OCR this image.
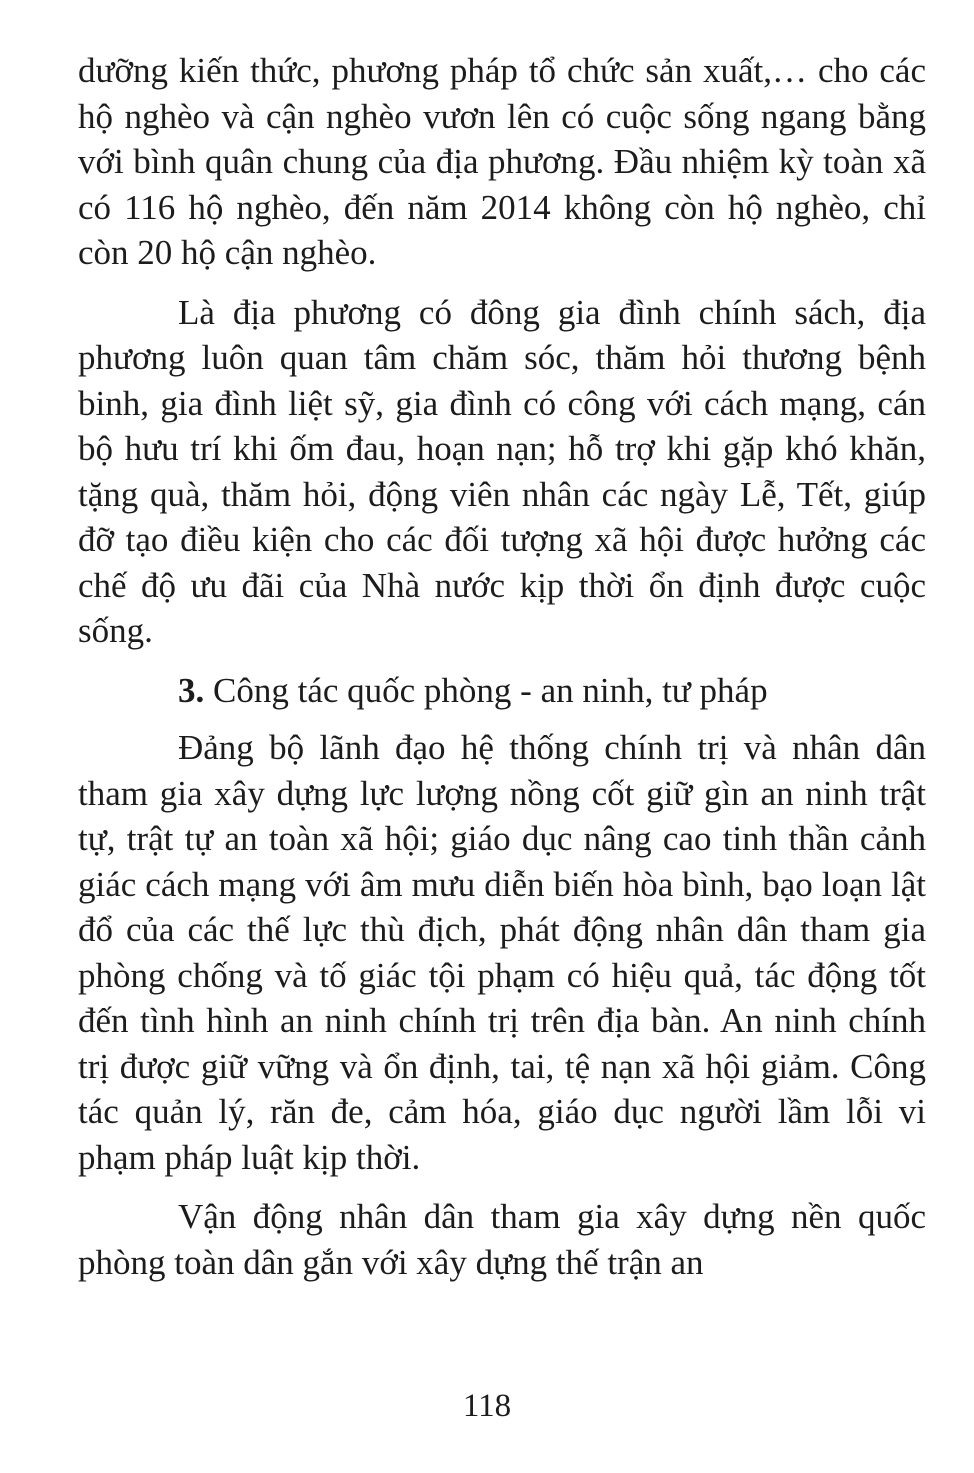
dưỡng kiến thức, phương pháp tổ chức sản xuất,… cho các hộ nghèo và cận nghèo vươn lên có cuộc sống ngang bằng với bình quân chung của địa phương. Đầu nhiệm kỳ toàn xã có 116 hộ nghèo, đến năm 2014 không còn hộ nghèo, chỉ còn 20 hộ cận nghèo.

Là địa phương có đông gia đình chính sách, địa phương luôn quan tâm chăm sóc, thăm hỏi thương bệnh binh, gia đình liệt sỹ, gia đình có công với cách mạng, cán bộ hưu trí khi ốm đau, hoạn nạn; hỗ trợ khi gặp khó khăn, tặng quà, thăm hỏi, động viên nhân các ngày Lễ, Tết, giúp đỡ tạo điều kiện cho các đối tượng xã hội được hưởng các chế độ ưu đãi của Nhà nước kịp thời ổn định được cuộc sống.

3. Công tác quốc phòng - an ninh, tư pháp

Đảng bộ lãnh đạo hệ thống chính trị và nhân dân tham gia xây dựng lực lượng nồng cốt giữ gìn an ninh trật tự, trật tự an toàn xã hội; giáo dục nâng cao tinh thần cảnh giác cách mạng với âm mưu diễn biến hòa bình, bạo loạn lật đổ của các thế lực thù địch, phát động nhân dân tham gia phòng chống và tố giác tội phạm có hiệu quả, tác động tốt đến tình hình an ninh chính trị trên địa bàn. An ninh chính trị được giữ vững và ổn định, tai, tệ nạn xã hội giảm. Công tác quản lý, răn đe, cảm hóa, giáo dục người lầm lỗi vi phạm pháp luật kịp thời.

Vận động nhân dân tham gia xây dựng nền quốc phòng toàn dân gắn với xây dựng thế trận an

118
